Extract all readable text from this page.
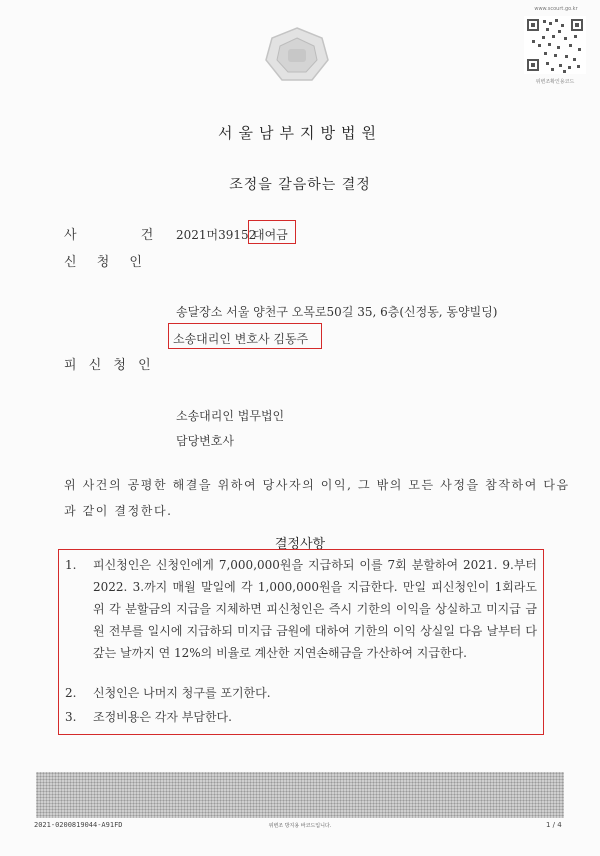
www.scourt.go.kr
위변조확인용코드
서울남부지방법원
조정을 갈음하는 결정
사 건
2021머39152
대여금
신 청 인
송달장소 서울 양천구 오목로50길 35, 6층(신정동, 동양빌딩)
소송대리인 변호사 김동주
피 신 청 인
소송대리인 법무법인
담당변호사
위 사건의 공평한 해결을 위하여 당사자의 이익, 그 밖의 모든 사정을 참작하여 다음
과 같이 결정한다.
결정사항
1. 피신청인은 신청인에게 7,000,000원을 지급하되 이를 7회 분할하여 2021. 9.부터 2022. 3.까지 매월 말일에 각 1,000,000원을 지급한다. 만일 피신청인이 1회라도 위 각 분할금의 지급을 지체하면 피신청인은 즉시 기한의 이익을 상실하고 미지급 금원 전부를 일시에 지급하되 미지급 금원에 대하여 기한의 이익 상실일 다음 날부터 다 갚는 날까지 연 12%의 비율로 계산한 지연손해금을 가산하여 지급한다.
2. 신청인은 나머지 청구를 포기한다.
3. 조정비용은 각자 부담한다.
2021-0200819044-A91FD	위변조 방지용 바코드입니다.	1 / 4
